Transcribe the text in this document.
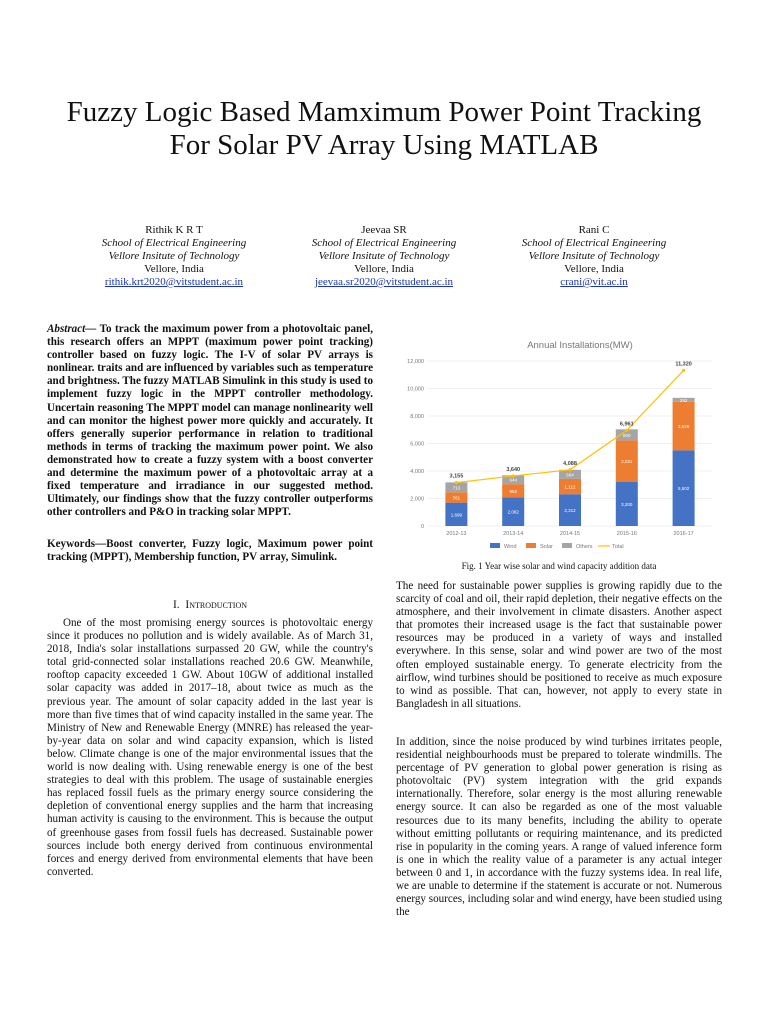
Fuzzy Logic Based Mamximum Power Point Tracking For Solar PV Array Using MATLAB
Rithik K R T
School of Electrical Engineering
Vellore Insitute of Technology
Vellore, India
rithik.krt2020@vitstudent.ac.in
Jeevaa SR
School of Electrical Engineering
Vellore Insitute of Technology
Vellore, India
jeevaa.sr2020@vitstudent.ac.in
Rani C
School of Electrical Engineering
Vellore Insitute of Technology
Vellore, India
crani@vit.ac.in
Abstract— To track the maximum power from a photovoltaic panel, this research offers an MPPT (maximum power point tracking) controller based on fuzzy logic. The I-V of solar PV arrays is nonlinear. traits and are influenced by variables such as temperature and brightness. The fuzzy MATLAB Simulink in this study is used to implement fuzzy logic in the MPPT controller methodology. Uncertain reasoning The MPPT model can manage nonlinearity well and can monitor the highest power more quickly and accurately. It offers generally superior performance in relation to traditional methods in terms of tracking the maximum power point. We also demonstrated how to create a fuzzy system with a boost converter and determine the maximum power of a photovoltaic array at a fixed temperature and irradiance in our suggested method. Ultimately, our findings show that the fuzzy controller outperforms other controllers and P&O in tracking solar MPPT.
Keywords—Boost converter, Fuzzy logic, Maximum power point tracking (MPPT), Membership function, PV array, Simulink.
I. Introduction

One of the most promising energy sources is photovoltaic energy since it produces no pollution and is widely available. As of March 31, 2018, India's solar installations surpassed 20 GW, while the country's total grid-connected solar installations reached 20.6 GW. Meanwhile, rooftop capacity exceeded 1 GW. About 10GW of additional installed solar capacity was added in 2017–18, about twice as much as the previous year. The amount of solar capacity added in the last year is more than five times that of wind capacity installed in the same year. The Ministry of New and Renewable Energy (MNRE) has released the year-by-year data on solar and wind capacity expansion, which is listed below. Climate change is one of the major environmental issues that the world is now dealing with. Using renewable energy is one of the best strategies to deal with this problem. The usage of sustainable energies has replaced fossil fuels as the primary energy source considering the depletion of conventional energy supplies and the harm that increasing human activity is causing to the environment. This is because the output of greenhouse gases from fossil fuels has decreased. Sustainable power sources include both energy derived from continuous environmental forces and energy derived from environmental elements that have been converted.

Annual Installations(MW)
0
2,000
4,000
6,000
8,000
10,000
12,000
1,699
761
713
2012-13
2,082
962
644
2013-14
2,312
1,112
664
2014-15
3,200
3,031
800
2015-16
5,502
3,526
292
2016-17
3,155
3,640
4,088
6,961
11,320
Wind	Solar	Others	Total
Fig. 1 Year wise solar and wind capacity addition data

The need for sustainable power supplies is growing rapidly due to the scarcity of coal and oil, their rapid depletion, their negative effects on the atmosphere, and their involvement in climate disasters. Another aspect that promotes their increased usage is the fact that sustainable power resources may be produced in a variety of ways and installed everywhere. In this sense, solar and wind power are two of the most often employed sustainable energy. To generate electricity from the airflow, wind turbines should be positioned to receive as much exposure to wind as possible. That can, however, not apply to every state in Bangladesh in all situations.

In addition, since the noise produced by wind turbines irritates people, residential neighbourhoods must be prepared to tolerate windmills. The percentage of PV generation to global power generation is rising as photovoltaic (PV) system integration with the grid expands internationally. Therefore, solar energy is the most alluring renewable energy source. It can also be regarded as one of the most valuable resources due to its many benefits, including the ability to operate without emitting pollutants or requiring maintenance, and its predicted rise in popularity in the coming years. A range of valued inference form is one in which the reality value of a parameter is any actual integer between 0 and 1, in accordance with the fuzzy systems idea. In real life, we are unable to determine if the statement is accurate or not. Numerous energy sources, including solar and wind energy, have been studied using the
